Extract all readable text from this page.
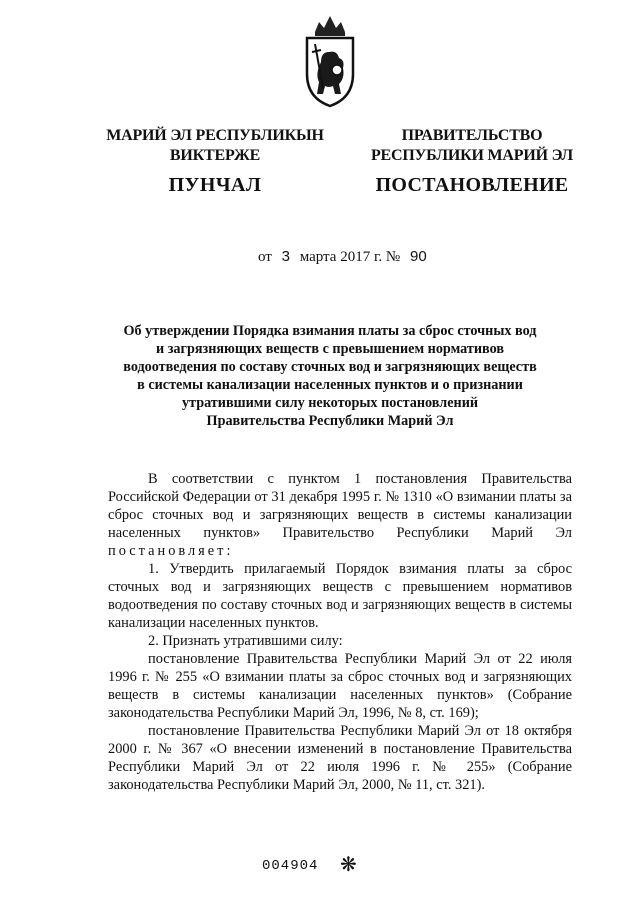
МАРИЙ ЭЛ РЕСПУБЛИКЫН
ВИКТЕРЖЕ
ПРАВИТЕЛЬСТВО
РЕСПУБЛИКИ МАРИЙ ЭЛ
ПУНЧАЛ	ПОСТАНОВЛЕНИЕ
от 3 марта 2017 г. № 90
Об утверждении Порядка взимания платы за сброс сточных вод
и загрязняющих веществ с превышением нормативов
водоотведения по составу сточных вод и загрязняющих веществ
в системы канализации населенных пунктов и о признании
утратившими силу некоторых постановлений
Правительства Республики Марий Эл

В соответствии с пунктом 1 постановления Правительства Российской Федерации от 31 декабря 1995 г. № 1310 «О взимании платы за сброс сточных вод и загрязняющих веществ в системы канализации населенных пунктов» Правительство Республики Марий Эл постановляет:

1. Утвердить прилагаемый Порядок взимания платы за сброс сточных вод и загрязняющих веществ с превышением нормативов водоотведения по составу сточных вод и загрязняющих веществ в системы канализации населенных пунктов.

2. Признать утратившими силу:

постановление Правительства Республики Марий Эл от 22 июля 1996 г. № 255 «О взимании платы за сброс сточных вод и загрязняющих веществ в системы канализации населенных пунктов» (Собрание законодательства Республики Марий Эл, 1996, № 8, ст. 169);

постановление Правительства Республики Марий Эл от 18 октября 2000 г. № 367 «О внесении изменений в постановление Правительства Республики Марий Эл от 22 июля 1996 г. № 255» (Собрание законодательства Республики Марий Эл, 2000, № 11, ст. 321).

004904 ❋
